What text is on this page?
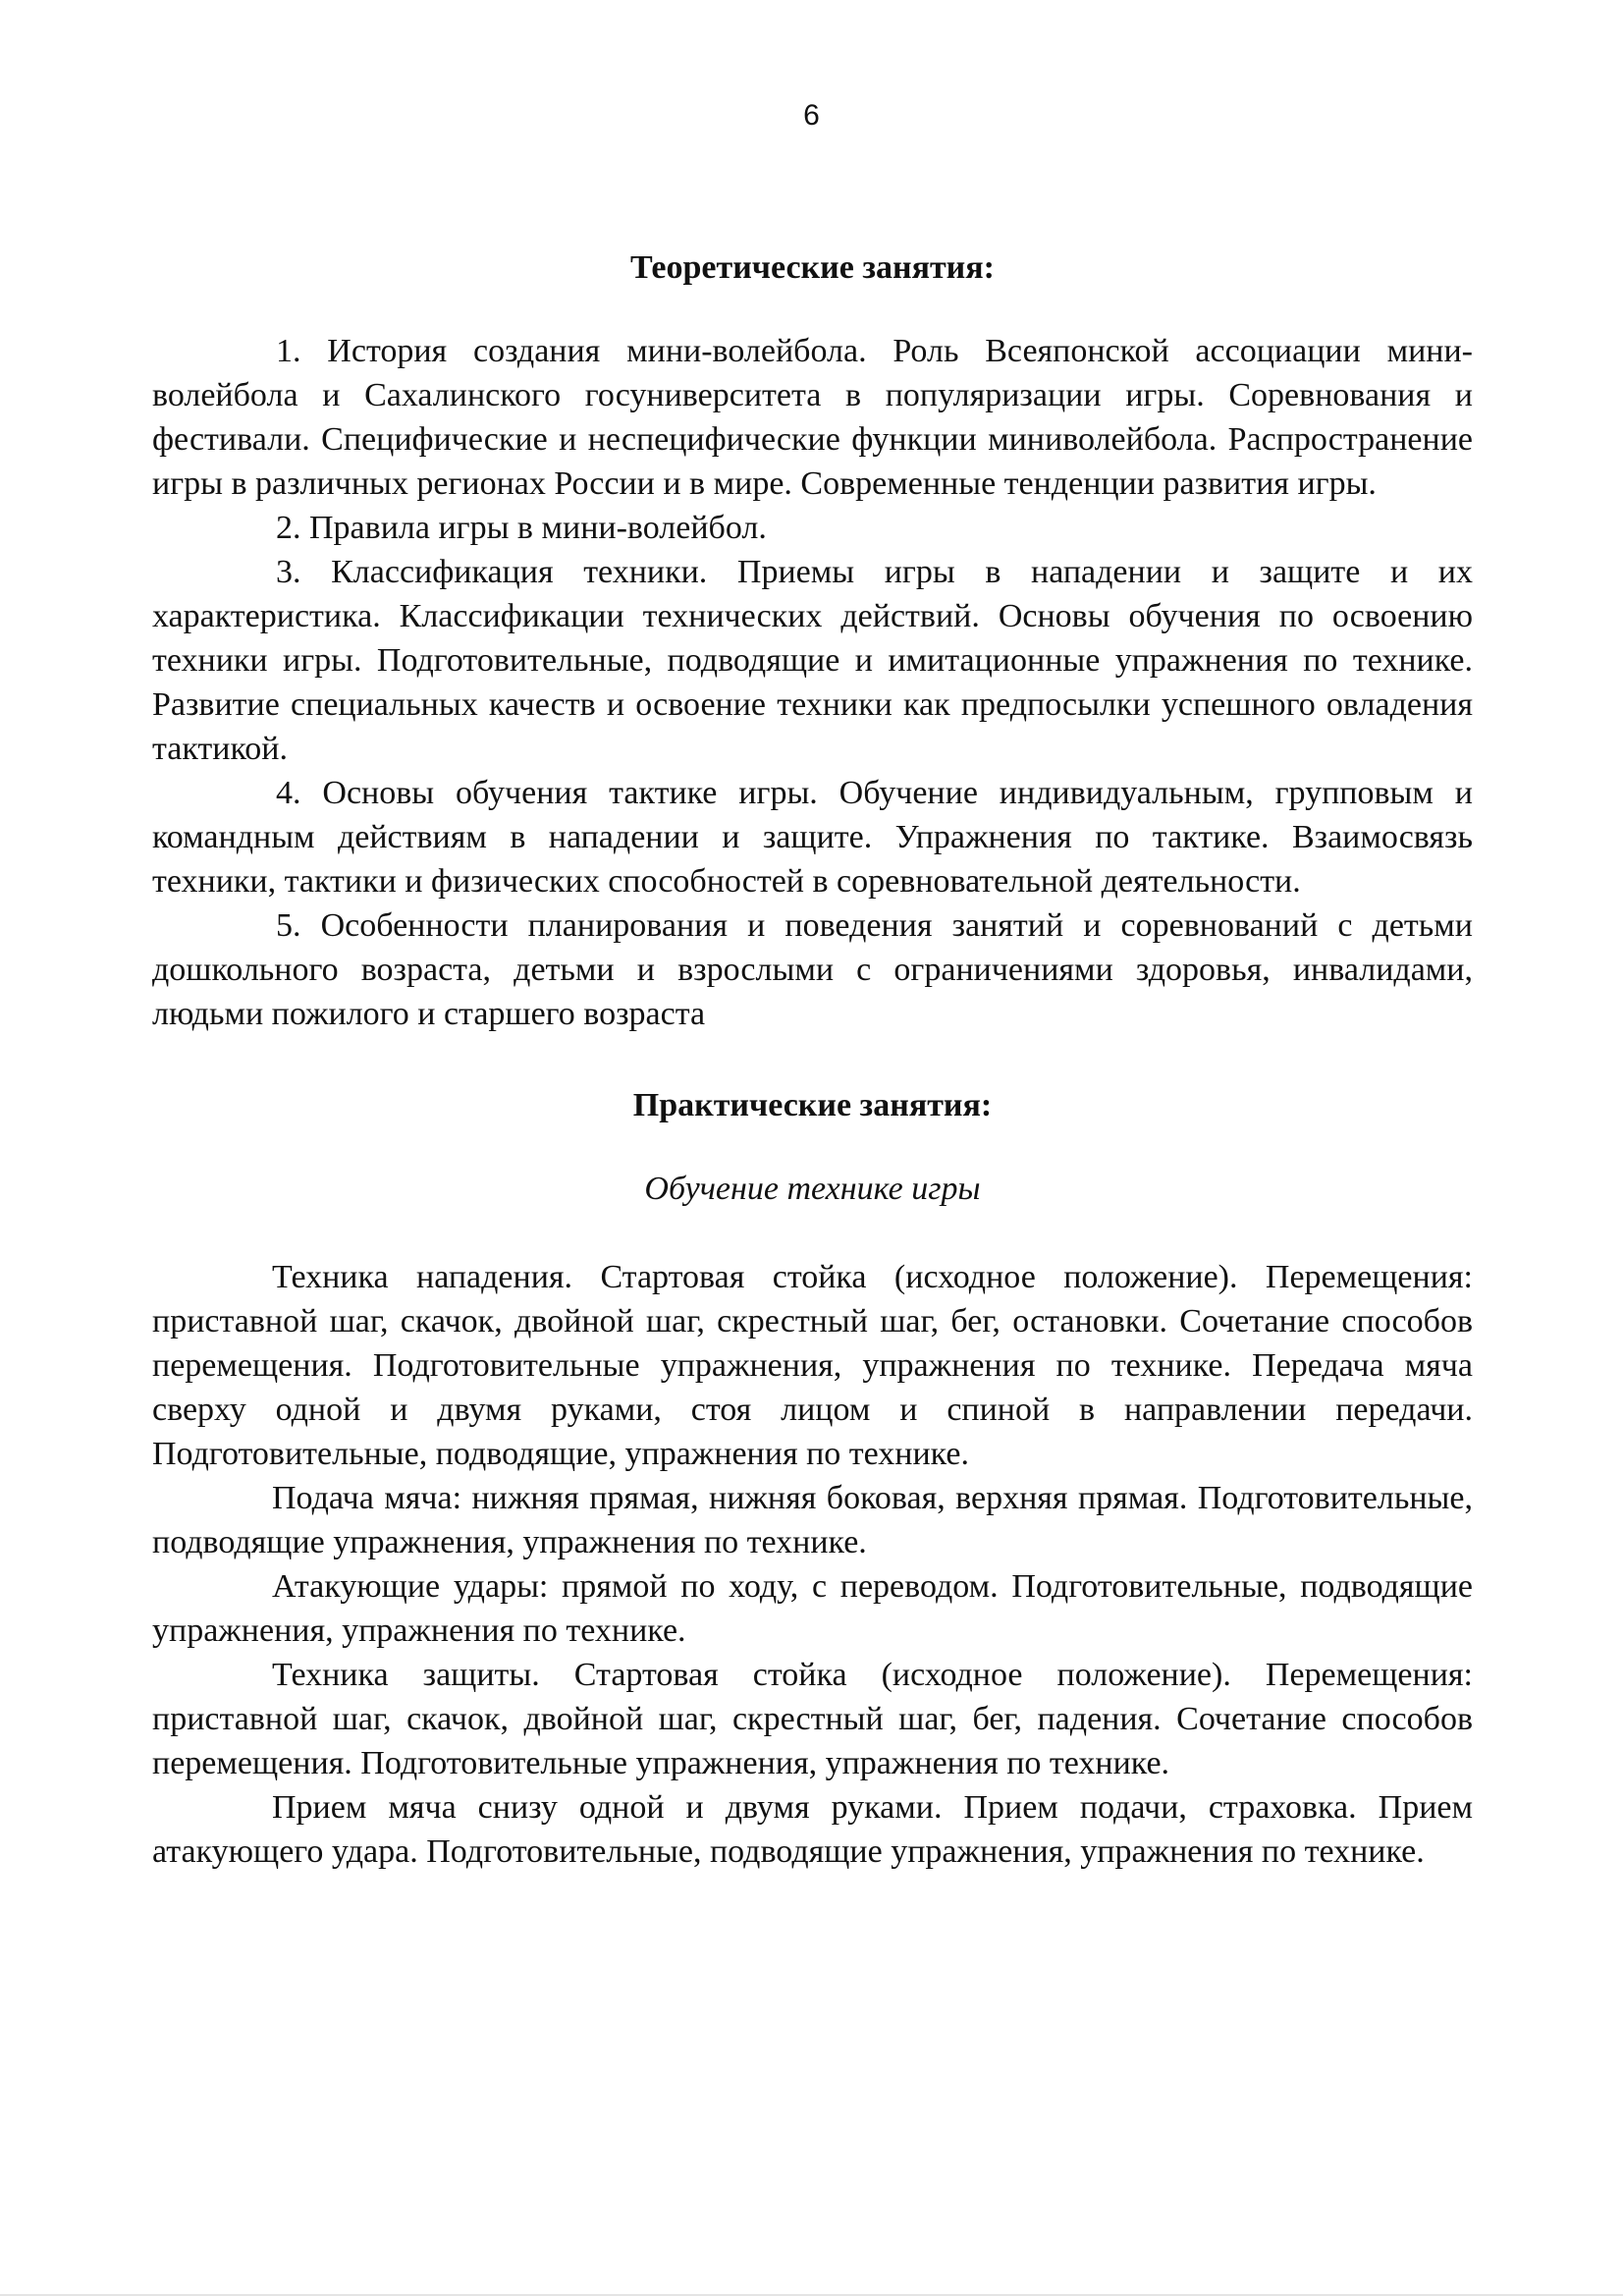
6

Теоретические занятия:

1. История создания мини-волейбола. Роль Всеяпонской ассоциации мини-волейбола и Сахалинского госуниверситета в популяризации игры. Соревнования и фестивали. Специфические и неспецифические функции миниволейбола. Распространение игры в различных регионах России и в мире. Современные тенденции развития игры.

2. Правила игры в мини-волейбол.

3. Классификация техники. Приемы игры в нападении и защите и их характеристика. Классификации технических действий. Основы обучения по освоению техники игры. Подготовительные, подводящие и имитационные упражнения по технике. Развитие специальных качеств и освоение техники как предпосылки успешного овладения тактикой.

4. Основы обучения тактике игры. Обучение индивидуальным, групповым и командным действиям в нападении и защите. Упражнения по тактике. Взаимосвязь техники, тактики и физических способностей в соревновательной деятельности.

5. Особенности планирования и поведения занятий и соревнований с детьми дошкольного возраста, детьми и взрослыми с ограничениями здоровья, инвалидами, людьми пожилого и старшего возраста

Практические занятия:

Обучение технике игры

Техника нападения. Стартовая стойка (исходное положение). Перемещения: приставной шаг, скачок, двойной шаг, скрестный шаг, бег, остановки. Сочетание способов перемещения. Подготовительные упражнения, упражнения по технике. Передача мяча сверху одной и двумя руками, стоя лицом и спиной в направлении передачи. Подготовительные, подводящие, упражнения по технике.

Подача мяча: нижняя прямая, нижняя боковая, верхняя прямая. Подготовительные, подводящие упражнения, упражнения по технике.

Атакующие удары: прямой по ходу, с переводом. Подготовительные, подводящие упражнения, упражнения по технике.

Техника защиты. Стартовая стойка (исходное положение). Перемещения: приставной шаг, скачок, двойной шаг, скрестный шаг, бег, падения. Сочетание способов перемещения. Подготовительные упражнения, упражнения по технике.

Прием мяча снизу одной и двумя руками. Прием подачи, страховка. Прием атакующего удара. Подготовительные, подводящие упражнения, упражнения по технике.
